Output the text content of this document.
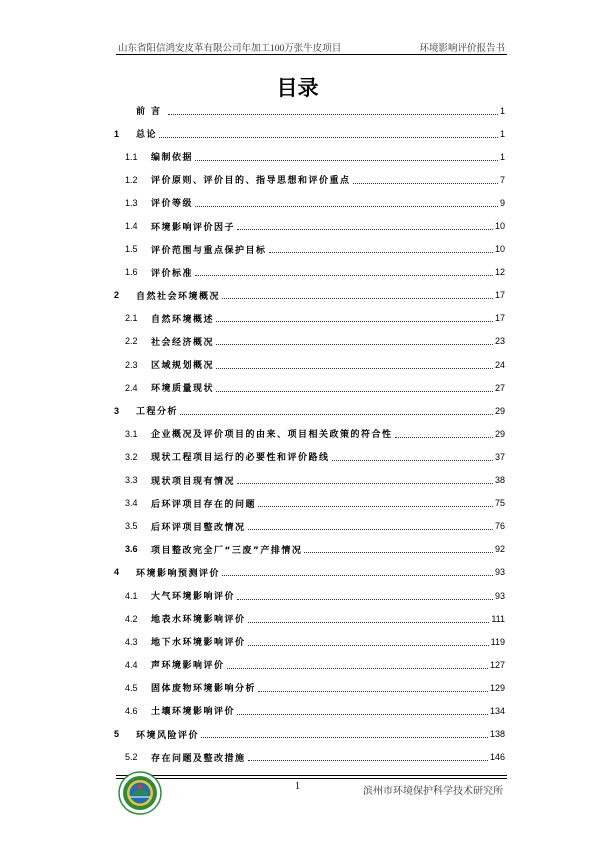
山东省阳信鸿安皮革有限公司年加工100万张牛皮项目	环境影响评价报告书
目录
前言	1
1	总论	1
1.1	编制依据	1
1.2	评价原则、评价目的、指导思想和评价重点	7
1.3	评价等级	9
1.4	环境影响评价因子	10
1.5	评价范围与重点保护目标	10
1.6	评价标准	12
2	自然社会环境概况	17
2.1	自然环境概述	17
2.2	社会经济概况	23
2.3	区域规划概况	24
2.4	环境质量现状	27
3	工程分析	29
3.1	企业概况及评价项目的由来、项目相关政策的符合性	29
3.2	现状工程项目运行的必要性和评价路线	37
3.3	现状项目现有情况	38
3.4	后环评项目存在的问题	75
3.5	后环评项目整改情况	76
3.6	项目整改完全厂“三废”产排情况	92
4	环境影响预测评价	93
4.1	大气环境影响评价	93
4.2	地表水环境影响评价	111
4.3	地下水环境影响评价	119
4.4	声环境影响评价	127
4.5	固体废物环境影响分析	129
4.6	土壤环境影响评价	134
5	环境风险评价	138
5.2	存在问题及整改措施	146
1	滨州市环境保护科学技术研究所
